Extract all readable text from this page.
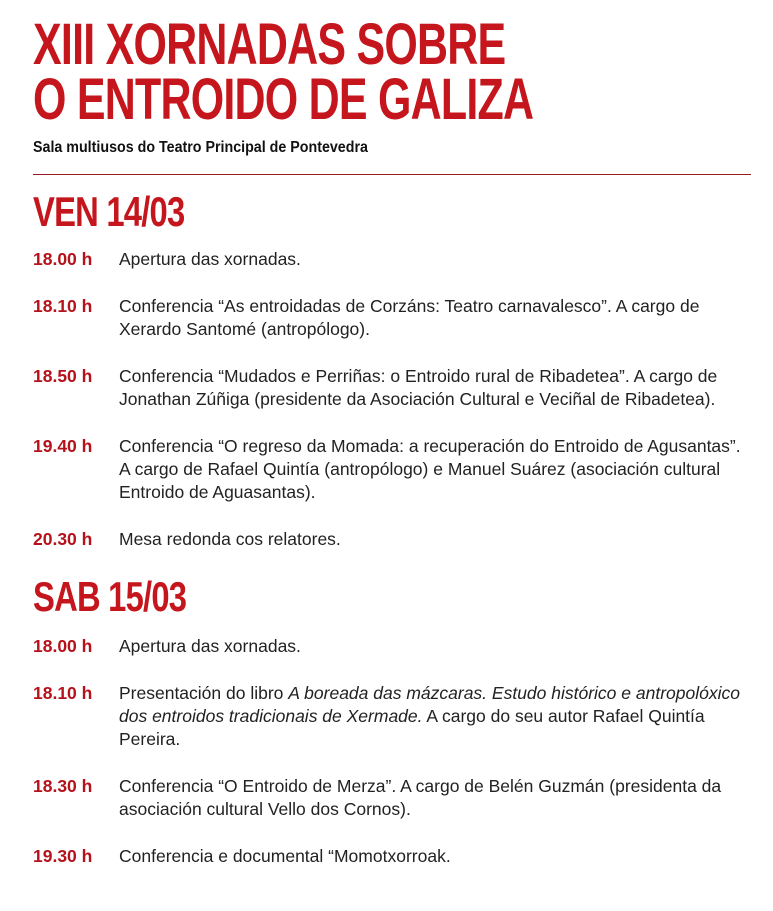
XIII XORNADAS SOBRE
O ENTROIDO DE GALIZA
Sala multiusos do Teatro Principal de Pontevedra
VEN 14/03
18.00 h	Apertura das xornadas.
18.10 h	Conferencia “As entroidadas de Corzáns: Teatro carnavalesco”. A cargo de Xerardo Santomé (antropólogo).
18.50 h	Conferencia “Mudados e Perriñas: o Entroido rural de Ribadetea”. A cargo de Jonathan Zúñiga (presidente da Asociación Cultural e Veciñal de Ribadetea).
19.40 h	Conferencia “O regreso da Momada: a recuperación do Entroido de Agusantas”. A cargo de Rafael Quintía (antropólogo) e Manuel Suárez (asociación cultural Entroido de Aguasantas).
20.30 h	Mesa redonda cos relatores.
SAB 15/03
18.00 h	Apertura das xornadas.
18.10 h	Presentación do libro A boreada das mázcaras. Estudo histórico e antropolóxico dos entroidos tradicionais de Xermade. A cargo do seu autor Rafael Quintía Pereira.
18.30 h	Conferencia “O Entroido de Merza”. A cargo de Belén Guzmán (presidenta da asociación cultural Vello dos Cornos).
19.30 h	Conferencia e documental “Momotxorroak.
